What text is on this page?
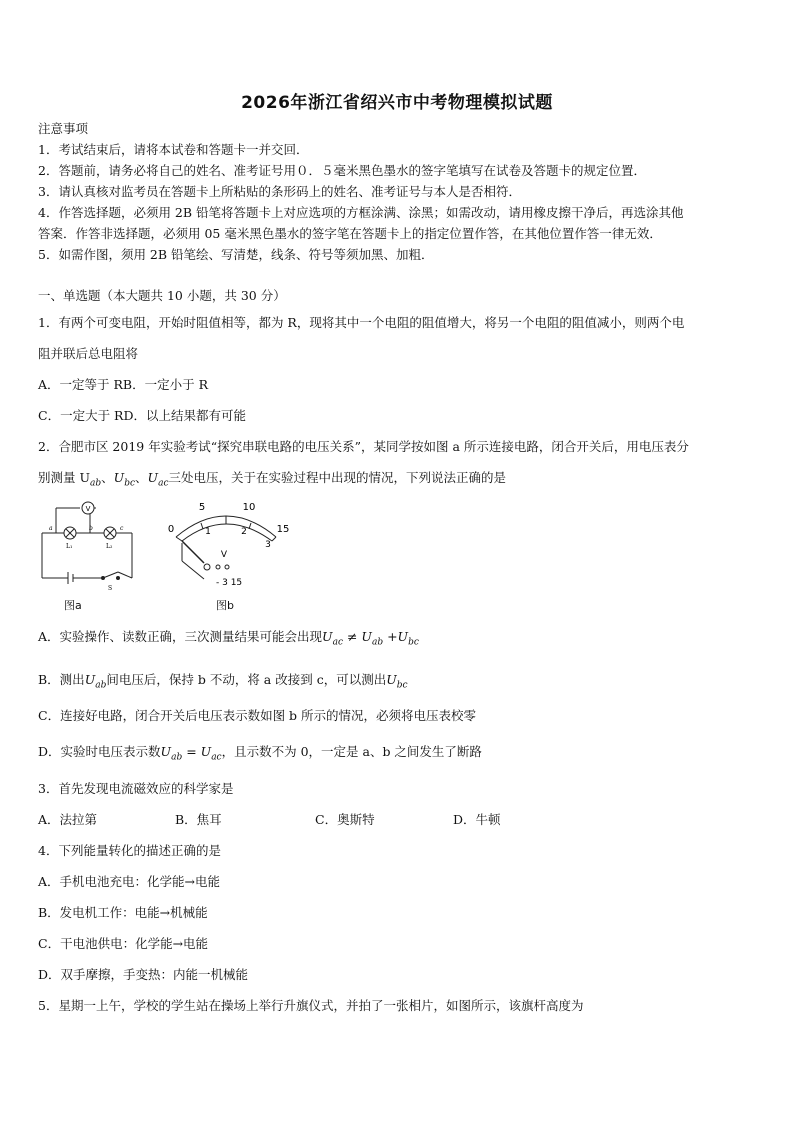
2026年浙江省绍兴市中考物理模拟试题
注意事项
1．考试结束后，请将本试卷和答题卡一并交回．
2．答题前，请务必将自己的姓名、准考证号用０．５毫米黑色墨水的签字笔填写在试卷及答题卡的规定位置．
3．请认真核对监考员在答题卡上所粘贴的条形码上的姓名、准考证号与本人是否相符．
4．作答选择题，必须用 2B 铅笔将答题卡上对应选项的方框涂满、涂黑；如需改动，请用橡皮擦干净后，再选涂其他
答案．作答非选择题，必须用 05 毫米黑色墨水的签字笔在答题卡上的指定位置作答，在其他位置作答一律无效．
5．如需作图，须用 2B 铅笔绘、写清楚，线条、符号等须加黑、加粗．
一、单选题（本大题共 10 小题，共 30 分）
1．有两个可变电阻，开始时阻值相等，都为 R，现将其中一个电阻的阻值增大，将另一个电阻的阻值减小，则两个电
阻并联后总电阻将
A．一定等于 RB．一定小于 R
C．一定大于 RD．以上结果都有可能
2．合肥市区 2019 年实验考试“探究串联电路的电压关系”，某同学按如图 a 所示连接电路，闭合开关后，用电压表分
别测量 $U_{ab}$、$U_{bc}$、$U_{ac}$三处电压，关于在实验过程中出现的情况，下列说法正确的是
V
a	b	c
L₁	L₂
S
图a
5	10
0	15
1	2
3
V
- 3 15
图b
A．实验操作、读数正确，三次测量结果可能会出现$U_{ac} \ne U_{ab} +U_{bc}$
B．测出$U_{ab}$间电压后，保持 b 不动，将 a 改接到 c，可以测出$U_{bc}$
C．连接好电路，闭合开关后电压表示数如图 b 所示的情况，必须将电压表校零
D．实验时电压表示数$U_{ab} = U_{ac}$，且示数不为 0，一定是 a、b 之间发生了断路
3．首先发现电流磁效应的科学家是
A．法拉第	B．焦耳	C．奥斯特	D．牛顿
4．下列能量转化的描述正确的是
A．手机电池充电：化学能→电能
B．发电机工作：电能→机械能
C．干电池供电：化学能→电能
D．双手摩擦，手变热：内能一机械能
5．星期一上午，学校的学生站在操场上举行升旗仪式，并拍了一张相片，如图所示，该旗杆高度为
